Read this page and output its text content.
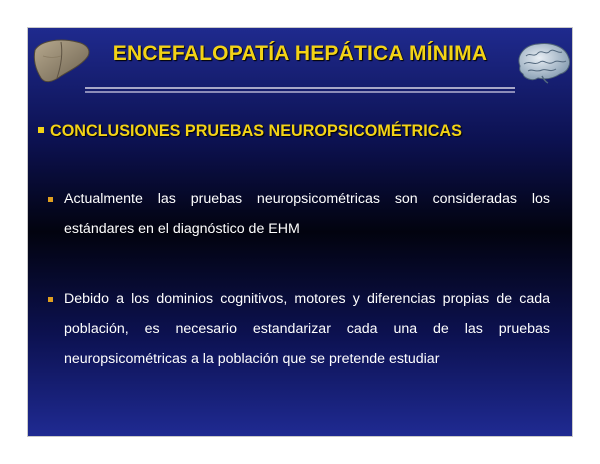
ENCEFALOPATÍA HEPÁTICA MÍNIMA
CONCLUSIONES PRUEBAS NEUROPSICOMÉTRICAS
Actualmente las pruebas neuropsicométricas son consideradas los estándares en el diagnóstico de EHM
Debido a los dominios cognitivos, motores y diferencias propias de cada población, es necesario estandarizar cada una de las pruebas neuropsicométricas a la población que se pretende estudiar
